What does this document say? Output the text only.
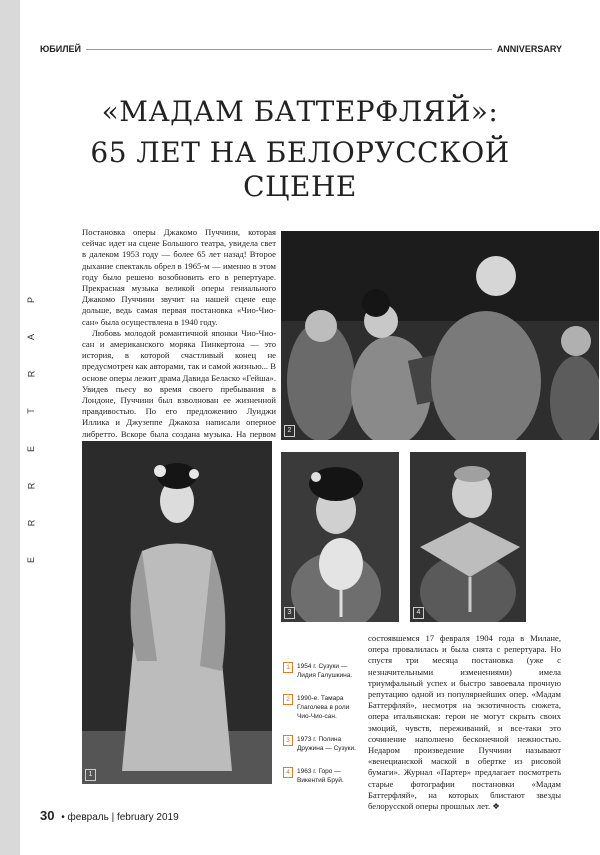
P
A
R
T
E
R
R
E
ЮБИЛЕЙ	ANNIVERSARY
«МАДАМ БАТТЕРФЛЯЙ»:
65 ЛЕТ НА БЕЛОРУССКОЙ СЦЕНЕ

Постановка оперы Джакомо Пуччини, которая сейчас идет на сцене Большого театра, увидела свет в далеком 1953 году — более 65 лет назад! Второе дыхание спектакль обрел в 1965-м — именно в этом году было решено возобновить его в репертуаре. Прекрасная музыка великой оперы гениального Джакомо Пуччини звучит на нашей сцене еще дольше, ведь самая первая постановка «Чио-Чио-сан» была осуществлена в 1940 году.

Любовь молодой романтичной японки Чио-Чио-сан и американского моряка Пинкертона — это история, в которой счастливый конец не предусмотрен как авторами, так и самой жизнью... В основе оперы лежит драма Давида Беласко «Гейша». Увидев пьесу во время своего пребывания в Лондоне, Пуччини был взволнован ее жизненной правдивостью. По его предложению Луиджи Иллика и Джузеппе Джакоза написали оперное либретто. Вскоре была создана музыка. На первом	2
1
3	4
1	1954 г. Сузуки — Лидия Галушкина.
2	1990-е. Тамара Глаголева в роли Чио-Чио-сан.
3	1973 г. Полина Дружина — Сузуки.
4	1963 г. Горо — Викентий Бруй.
состоявшемся 17 февраля 1904 года в Милане, опера провалилась и была снята с репертуара. Но спустя три месяца постановка (уже с незначительными изменениями) имела триумфальный успех и быстро завоевала прочную репутацию одной из популярнейших опер. «Мадам Баттерфляй», несмотря на экзотичность сюжета, опера итальянская: герои не могут скрыть своих эмоций, чувств, переживаний, и все-таки это сочинение наполнено бесконечной нежностью. Недаром произведение Пуччини называют «венецианской маской в обертке из рисовой бумаги». Журнал «Партер» предлагает посмотреть старые фотографии постановки «Мадам Баттерфляй», на которых блистают звезды белорусской оперы прошлых лет. ❖
30 • февраль | february 2019
